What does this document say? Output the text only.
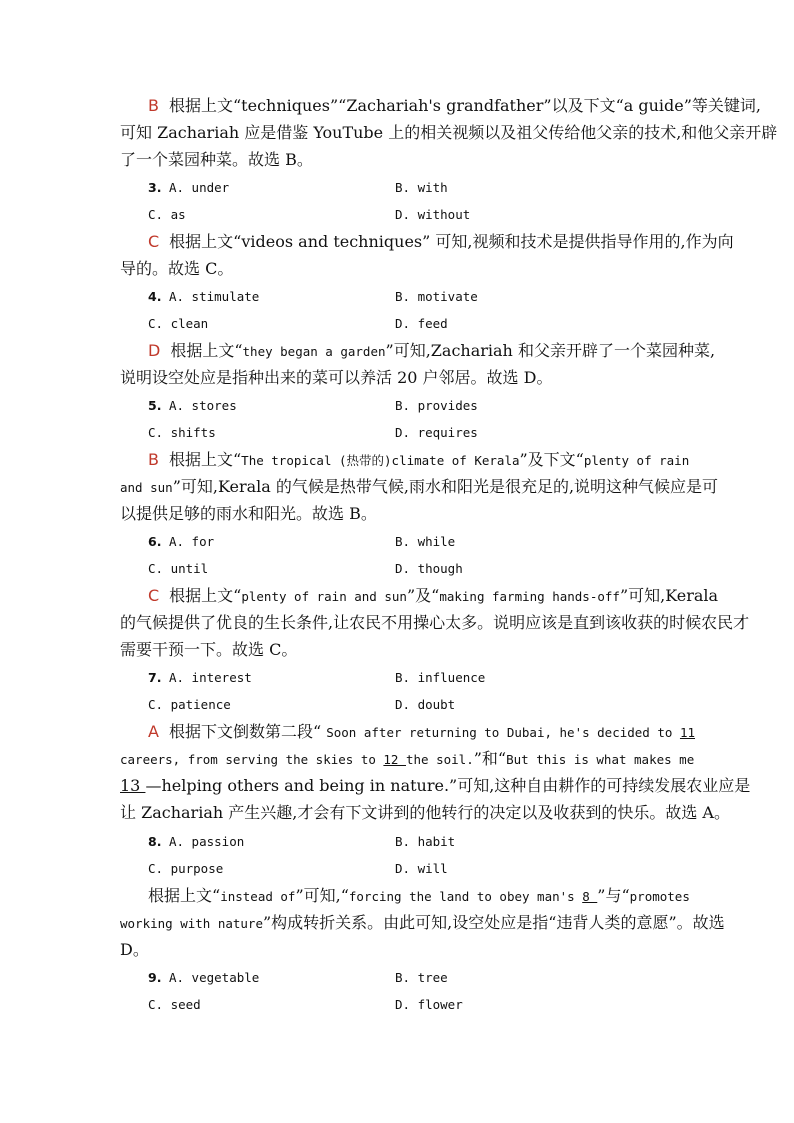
B 根据上文“techniques”“Zachariah's grandfather”以及下文“a guide”等关键词,
可知 Zachariah 应是借鉴 YouTube 上的相关视频以及祖父传给他父亲的技术,和他父亲开辟
了一个菜园种菜。故选 B。
3. A. under	B. with
C. as	D. without
C 根据上文“videos and techniques” 可知,视频和技术是提供指导作用的,作为向
导的。故选 C。
4. A. stimulate	B. motivate
C. clean	D. feed
D 根据上文“they began a garden”可知,Zachariah 和父亲开辟了一个菜园种菜,
说明设空处应是指种出来的菜可以养活 20 户邻居。故选 D。
5. A. stores	B. provides
C. shifts	D. requires
B 根据上文“The tropical (热带的)climate of Kerala”及下文“plenty of rain
and sun”可知,Kerala 的气候是热带气候,雨水和阳光是很充足的,说明这种气候应是可
以提供足够的雨水和阳光。故选 B。
6. A. for	B. while
C. until	D. though
C 根据上文“plenty of rain and sun”及“making farming hands-off”可知,Kerala
的气候提供了优良的生长条件,让农民不用操心太多。说明应该是直到该收获的时候农民才
需要干预一下。故选 C。
7. A. interest	B. influence
C. patience	D. doubt
A 根据下文倒数第二段“ Soon after returning to Dubai, he's decided to 11
careers, from serving the skies to 12 the soil.”和“But this is what makes me
13 —helping others and being in nature.”可知,这种自由耕作的可持续发展农业应是
让 Zachariah 产生兴趣,才会有下文讲到的他转行的决定以及收获到的快乐。故选 A。
8. A. passion	B. habit
C. purpose	D. will
根据上文“instead of”可知,“forcing the land to obey man's 8 ”与“promotes
working with nature”构成转折关系。由此可知,设空处应是指“违背人类的意愿”。故选
D。
9. A. vegetable	B. tree
C. seed	D. flower
